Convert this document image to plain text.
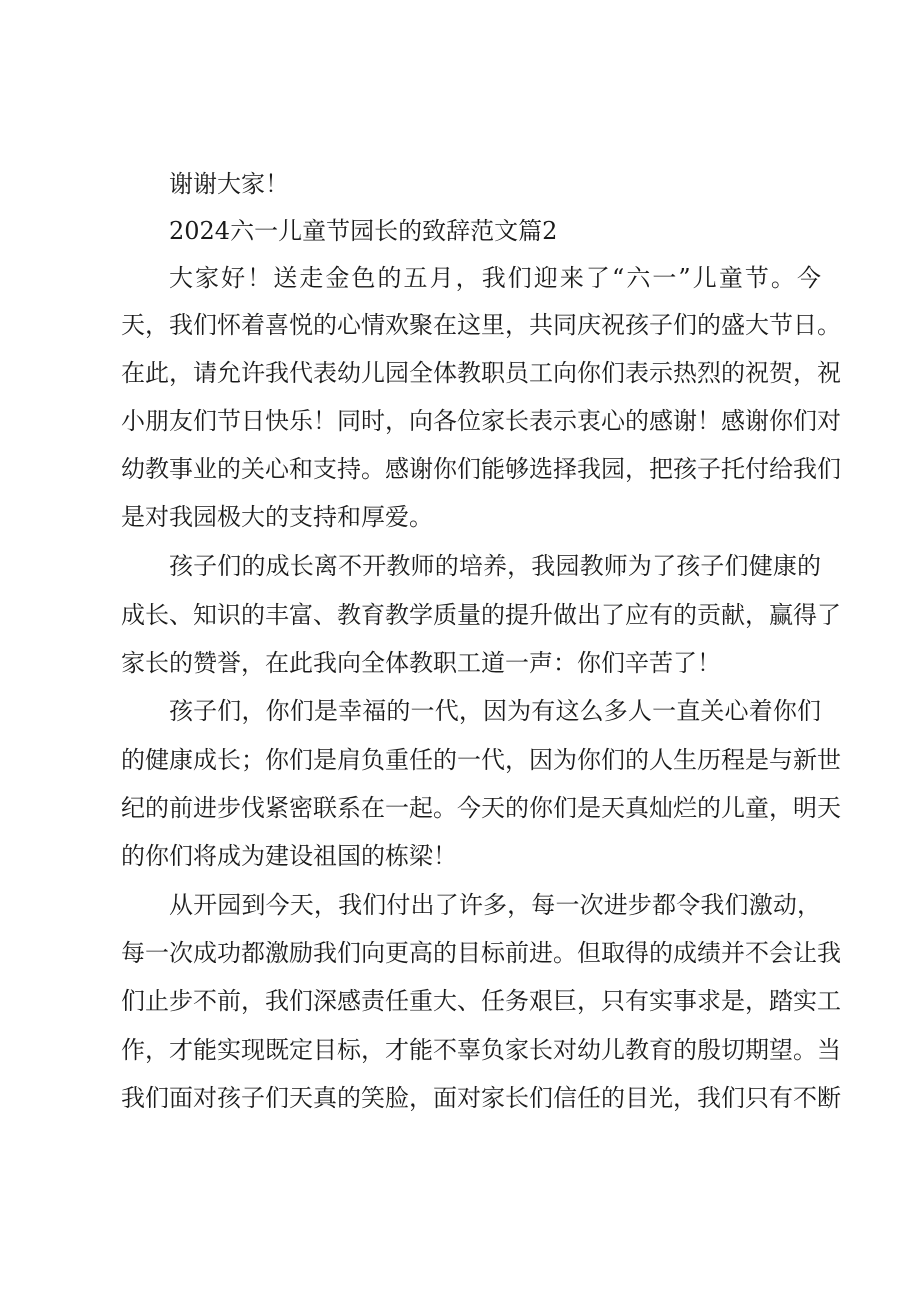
谢谢大家！

2024六一儿童节园长的致辞范文篇2

大家好！送走金色的五月，我们迎来了“六一”儿童节。今

天，我们怀着喜悦的心情欢聚在这里，共同庆祝孩子们的盛大节日。

在此，请允许我代表幼儿园全体教职员工向你们表示热烈的祝贺，祝

小朋友们节日快乐！同时，向各位家长表示衷心的感谢！感谢你们对

幼教事业的关心和支持。感谢你们能够选择我园，把孩子托付给我们

是对我园极大的支持和厚爱。

孩子们的成长离不开教师的培养，我园教师为了孩子们健康的

成长、知识的丰富、教育教学质量的提升做出了应有的贡献，赢得了

家长的赞誉，在此我向全体教职工道一声：你们辛苦了！

孩子们，你们是幸福的一代，因为有这么多人一直关心着你们

的健康成长；你们是肩负重任的一代，因为你们的人生历程是与新世

纪的前进步伐紧密联系在一起。今天的你们是天真灿烂的儿童，明天

的你们将成为建设祖国的栋梁！

从开园到今天，我们付出了许多，每一次进步都令我们激动，

每一次成功都激励我们向更高的目标前进。但取得的成绩并不会让我

们止步不前，我们深感责任重大、任务艰巨，只有实事求是，踏实工

作，才能实现既定目标，才能不辜负家长对幼儿教育的殷切期望。当

我们面对孩子们天真的笑脸，面对家长们信任的目光，我们只有不断
